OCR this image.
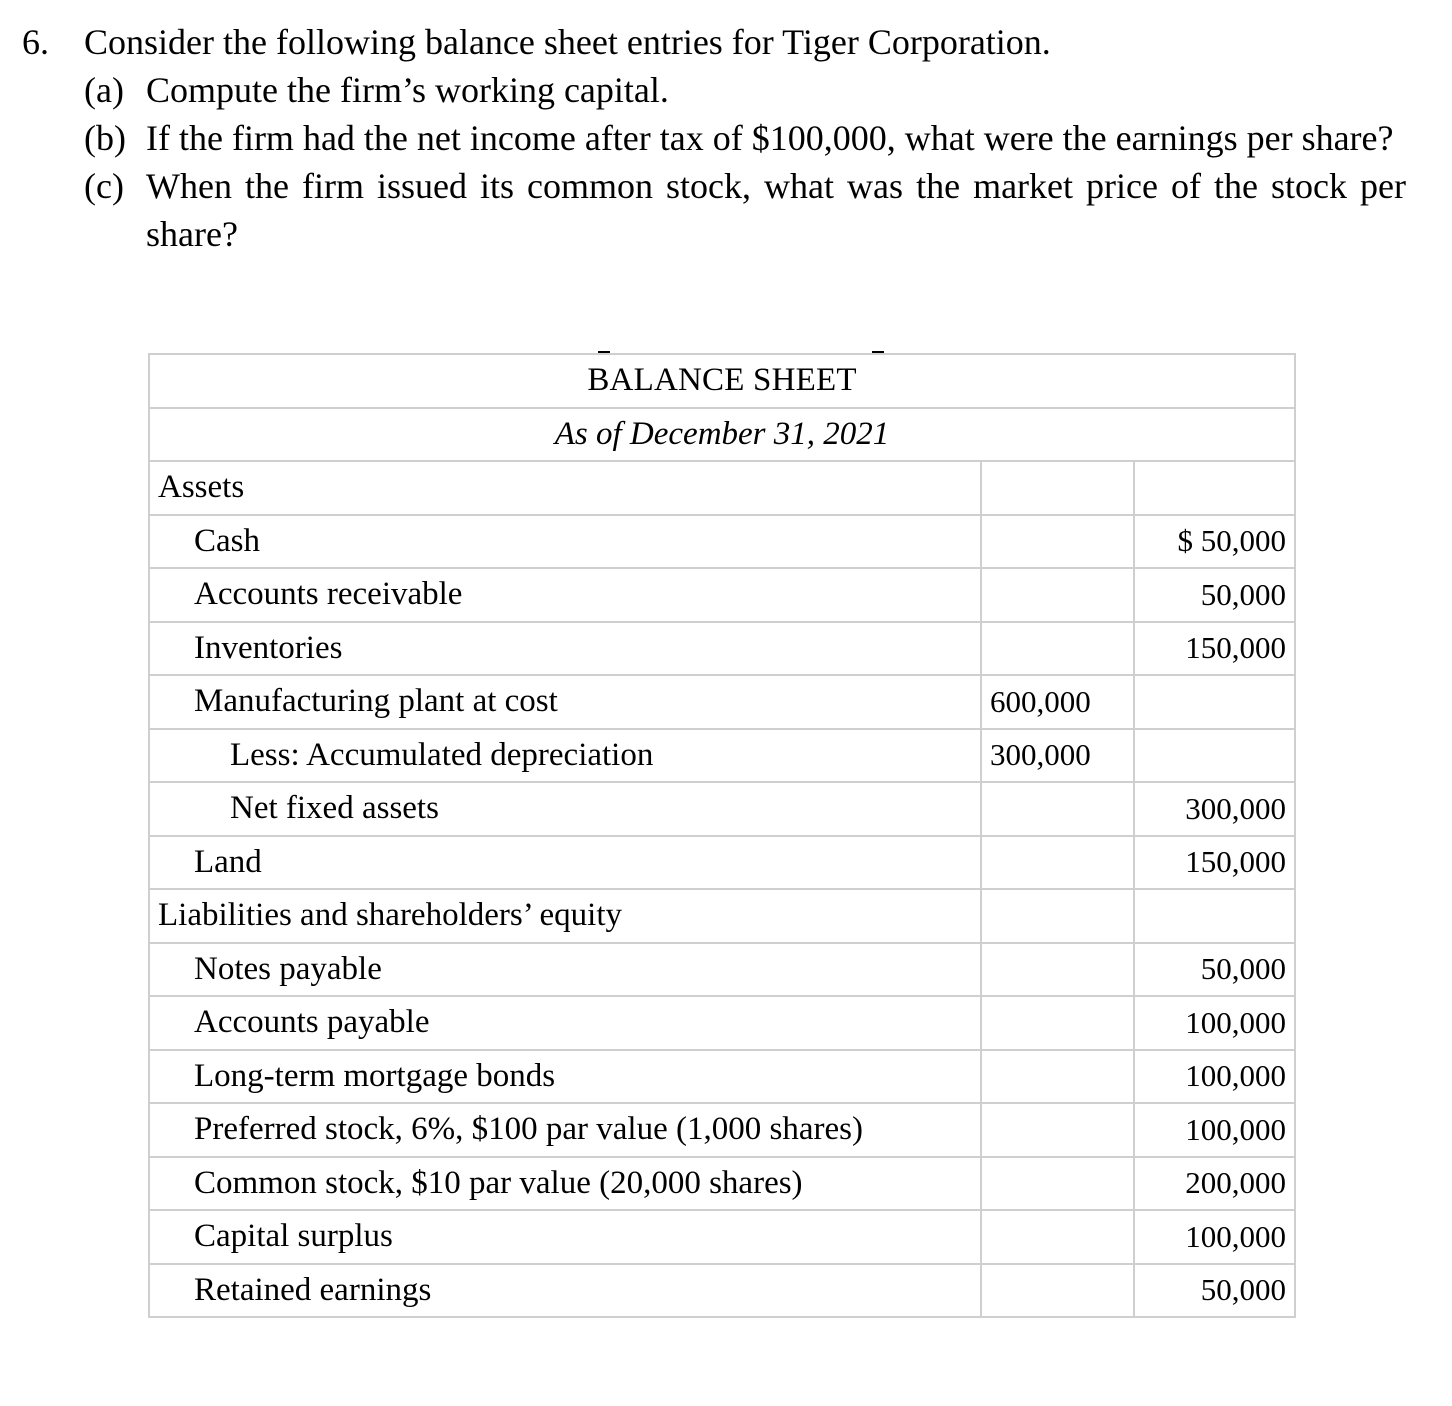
6. Consider the following balance sheet entries for Tiger Corporation.
(a) Compute the firm’s working capital.
(b) If the firm had the net income after tax of $100,000, what were the earnings per share?
(c) When the firm issued its common stock, what was the market price of the stock per share?
BALANCE SHEET		
As of December 31, 2021		
Assets		
Cash		$ 50,000
Accounts receivable		50,000
Inventories		150,000
Manufacturing plant at cost	600,000	
Less: Accumulated depreciation	300,000	
Net fixed assets		300,000
Land		150,000
Liabilities and shareholders’ equity		
Notes payable		50,000
Accounts payable		100,000
Long-term mortgage bonds		100,000
Preferred stock, 6%, $100 par value (1,000 shares)		100,000
Common stock, $10 par value (20,000 shares)		200,000
Capital surplus		100,000
Retained earnings		50,000
